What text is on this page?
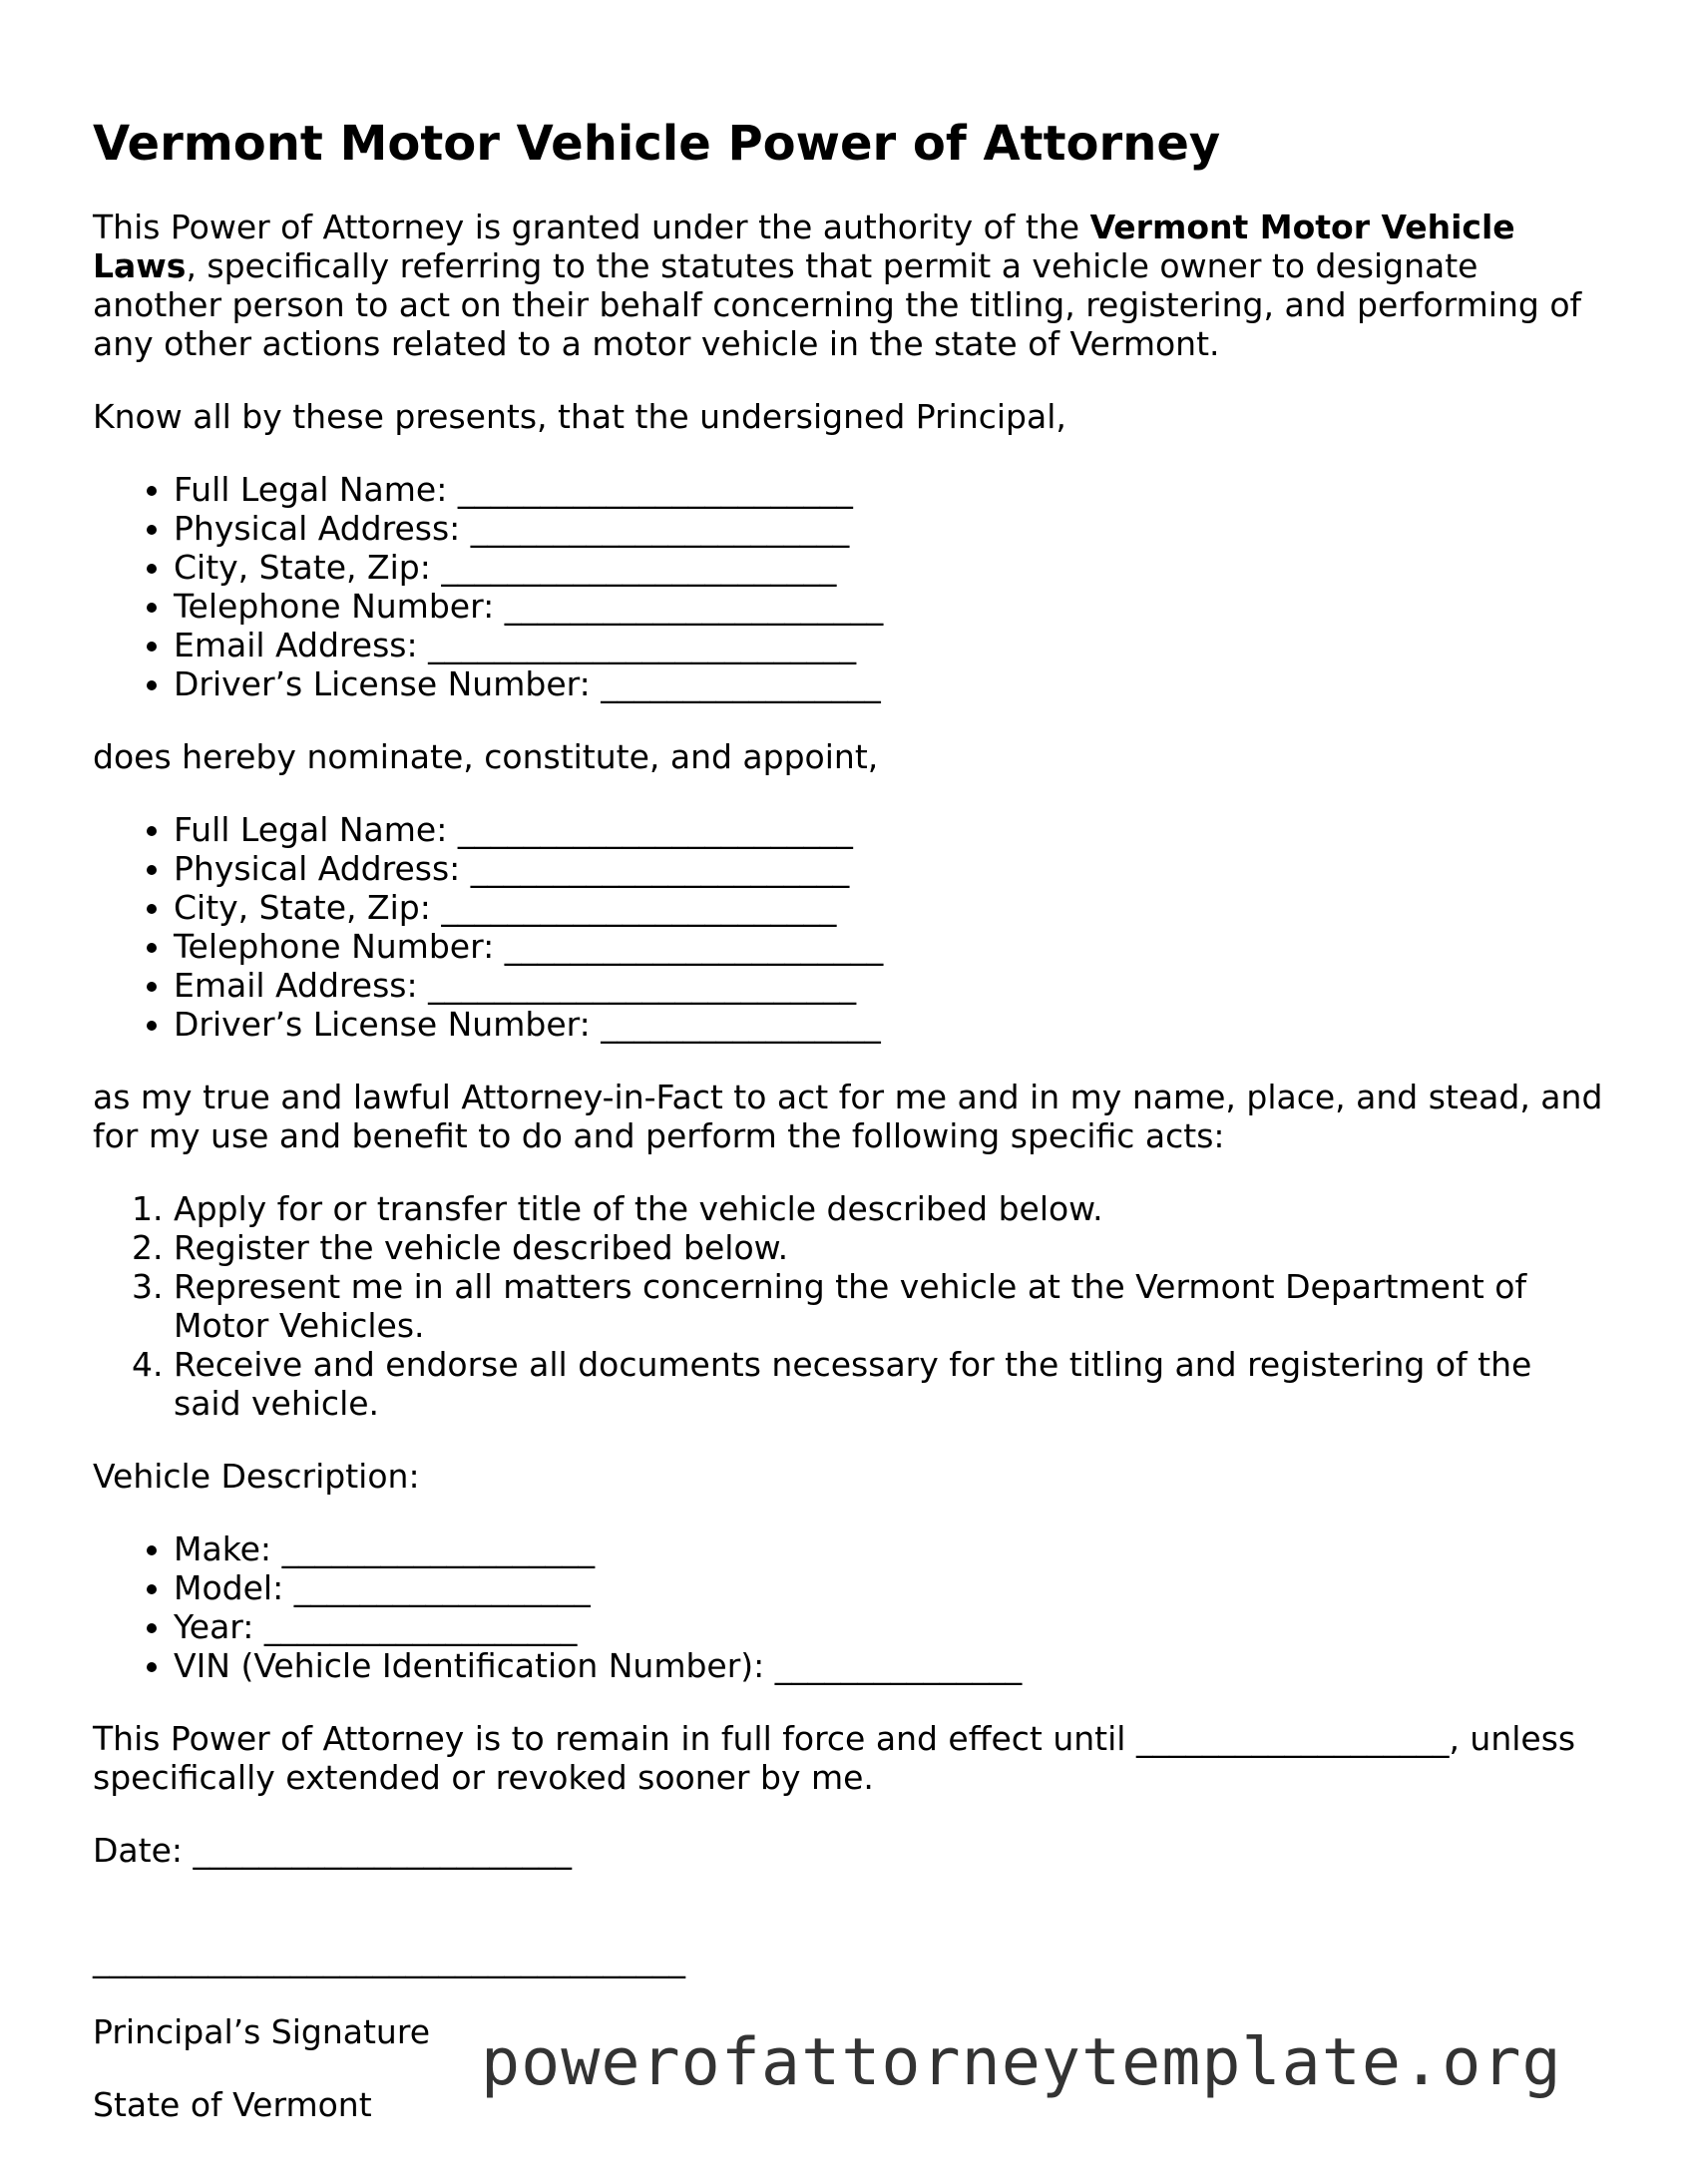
Vermont Motor Vehicle Power of Attorney

This Power of Attorney is granted under the authority of the Vermont Motor Vehicle Laws, specifically referring to the statutes that permit a vehicle owner to designate another person to act on their behalf concerning the titling, registering, and performing of any other actions related to a motor vehicle in the state of Vermont.

Know all by these presents, that the undersigned Principal,

• Full Legal Name: ________________________
• Physical Address: _______________________
• City, State, Zip: ________________________
• Telephone Number: _______________________
• Email Address: __________________________
• Driver’s License Number: _________________

does hereby nominate, constitute, and appoint,

• Full Legal Name: ________________________
• Physical Address: _______________________
• City, State, Zip: ________________________
• Telephone Number: _______________________
• Email Address: __________________________
• Driver’s License Number: _________________

as my true and lawful Attorney-in-Fact to act for me and in my name, place, and stead, and for my use and benefit to do and perform the following specific acts:

1. Apply for or transfer title of the vehicle described below.
2. Register the vehicle described below.
3. Represent me in all matters concerning the vehicle at the Vermont Department of Motor Vehicles.
4. Receive and endorse all documents necessary for the titling and registering of the said vehicle.

Vehicle Description:

• Make: ___________________
• Model: __________________
• Year: ___________________
• VIN (Vehicle Identification Number): _______________

This Power of Attorney is to remain in full force and effect until ___________________, unless specifically extended or revoked sooner by me.

Date: _______________________

____________________________________

Principal’s Signature

State of Vermont

powerofattorneytemplate.org
